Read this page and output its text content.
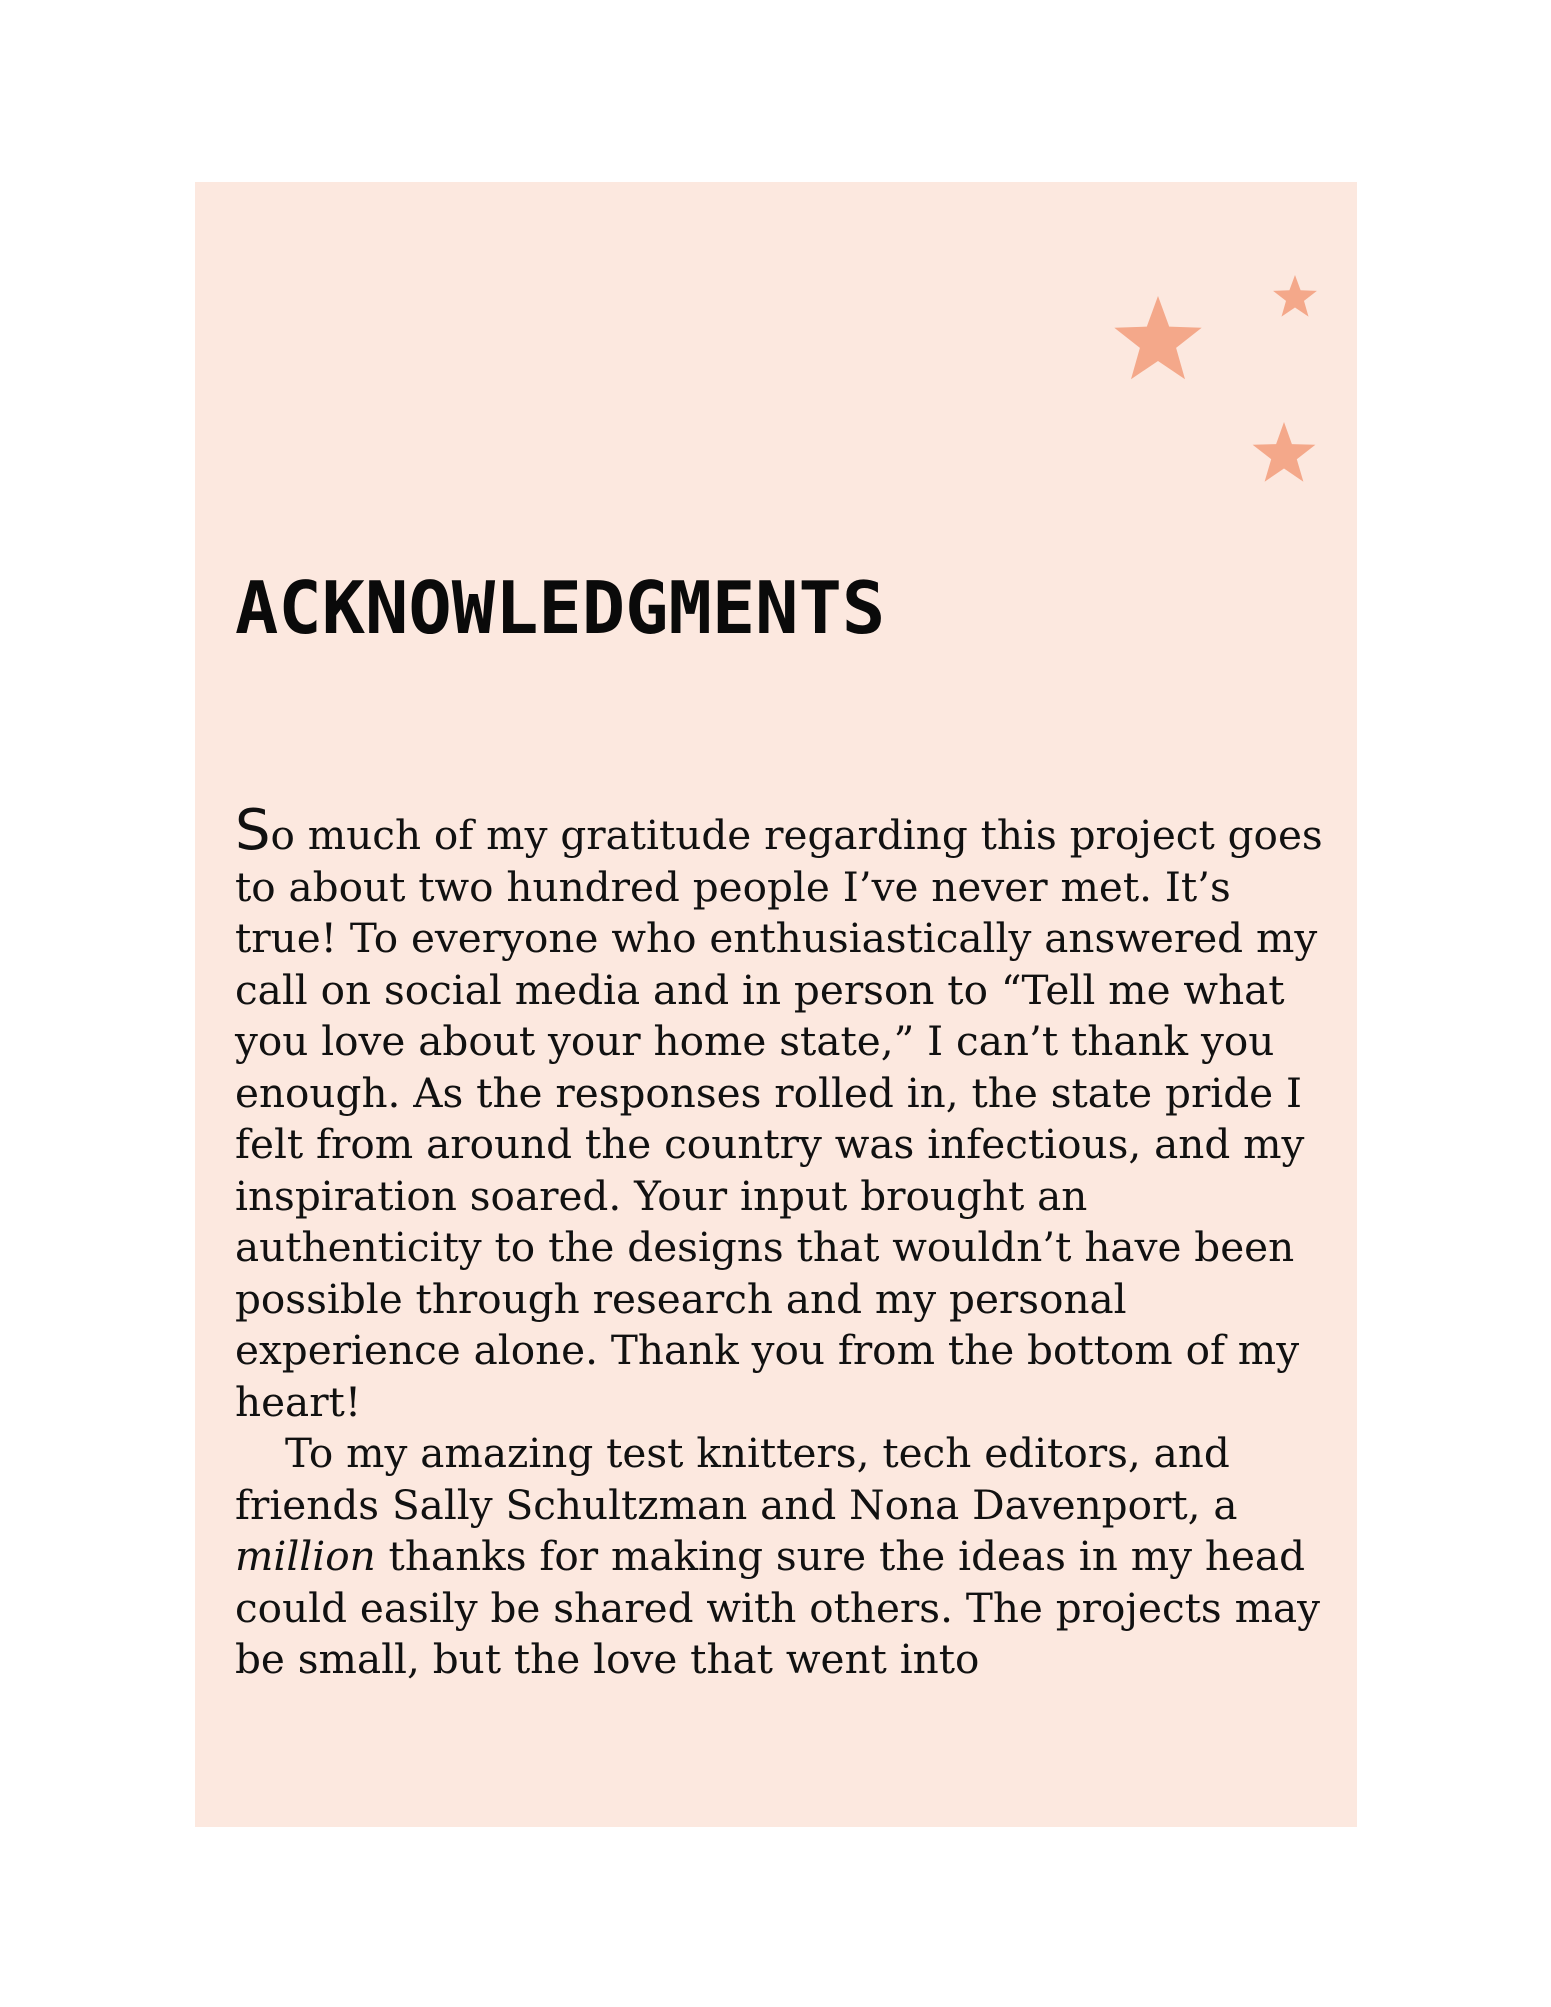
ACKNOWLEDGMENTS

So much of my gratitude regarding this project goes to about two hundred people I’ve never met. It’s true! To everyone who enthusiastically answered my call on social media and in person to “Tell me what you love about your home state,” I can’t thank you enough. As the responses rolled in, the state pride I felt from around the country was infectious, and my inspiration soared. Your input brought an authenticity to the designs that wouldn’t have been possible through research and my personal experience alone. Thank you from the bottom of my heart!

To my amazing test knitters, tech editors, and friends Sally Schultzman and Nona Davenport, a million thanks for making sure the ideas in my head could easily be shared with others. The projects may be small, but the love that went into
